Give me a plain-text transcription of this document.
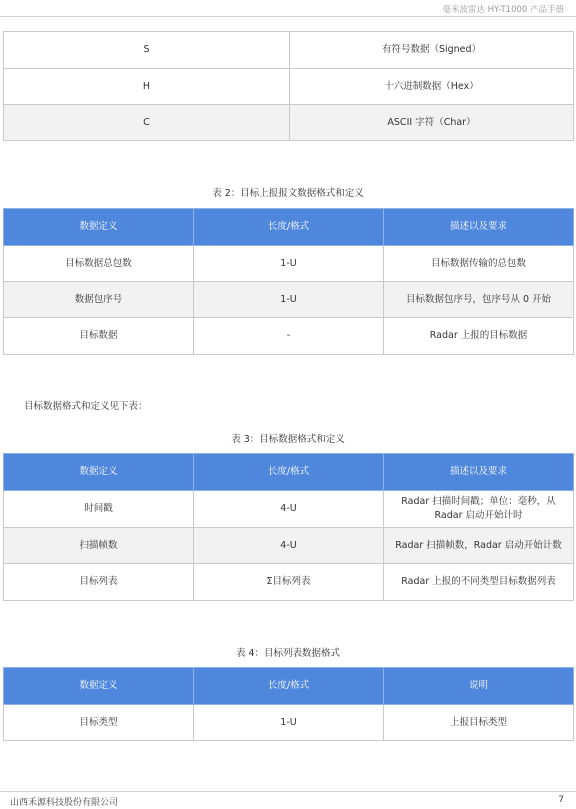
毫米波雷达 HY-T1000 产品手册
S	有符号数据（Signed）
H	十六进制数据（Hex）
C	ASCII 字符（Char）
表 2：目标上报报文数据格式和定义
数据定义	长度/格式	描述以及要求
目标数据总包数	1-U	目标数据传输的总包数
数据包序号	1-U	目标数据包序号，包序号从 0 开始
目标数据	-	Radar 上报的目标数据
目标数据格式和定义见下表：
表 3：目标数据格式和定义
数据定义	长度/格式	描述以及要求
时间戳	4-U	Radar 扫描时间戳；单位：毫秒，从 Radar 启动开始计时
扫描帧数	4-U	Radar 扫描帧数，Radar 启动开始计数
目标列表	Σ目标列表	Radar 上报的不同类型目标数据列表
表 4：目标列表数据格式
数据定义	长度/格式	说明
目标类型	1-U	上报目标类型
山西禾源科技股份有限公司	7
